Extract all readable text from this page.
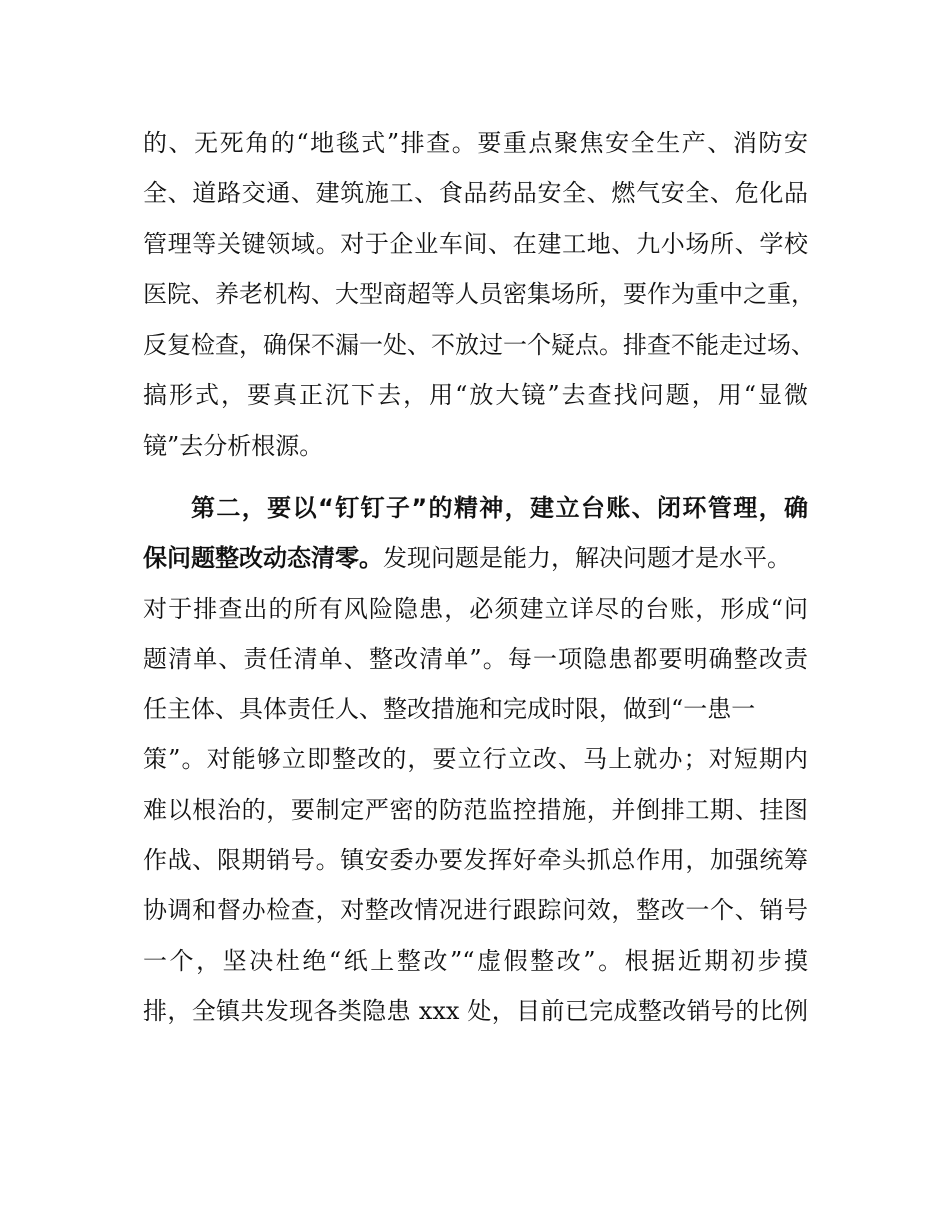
的、无死角的“地毯式”排查。要重点聚焦安全生产、消防安
全、道路交通、建筑施工、食品药品安全、燃气安全、危化品
管理等关键领域。对于企业车间、在建工地、九小场所、学校
医院、养老机构、大型商超等人员密集场所，要作为重中之重，
反复检查，确保不漏一处、不放过一个疑点。排查不能走过场、
搞形式，要真正沉下去，用“放大镜”去查找问题，用“显微
镜”去分析根源。
第二，要以“钉钉子”的精神，建立台账、闭环管理，确
保问题整改动态清零。发现问题是能力，解决问题才是水平。
对于排查出的所有风险隐患，必须建立详尽的台账，形成“问
题清单、责任清单、整改清单”。每一项隐患都要明确整改责
任主体、具体责任人、整改措施和完成时限，做到“一患一
策”。对能够立即整改的，要立行立改、马上就办；对短期内
难以根治的，要制定严密的防范监控措施，并倒排工期、挂图
作战、限期销号。镇安委办要发挥好牵头抓总作用，加强统筹
协调和督办检查，对整改情况进行跟踪问效，整改一个、销号
一个，坚决杜绝“纸上整改”“虚假整改”。根据近期初步摸
排，全镇共发现各类隐患 xxx 处，目前已完成整改销号的比例
